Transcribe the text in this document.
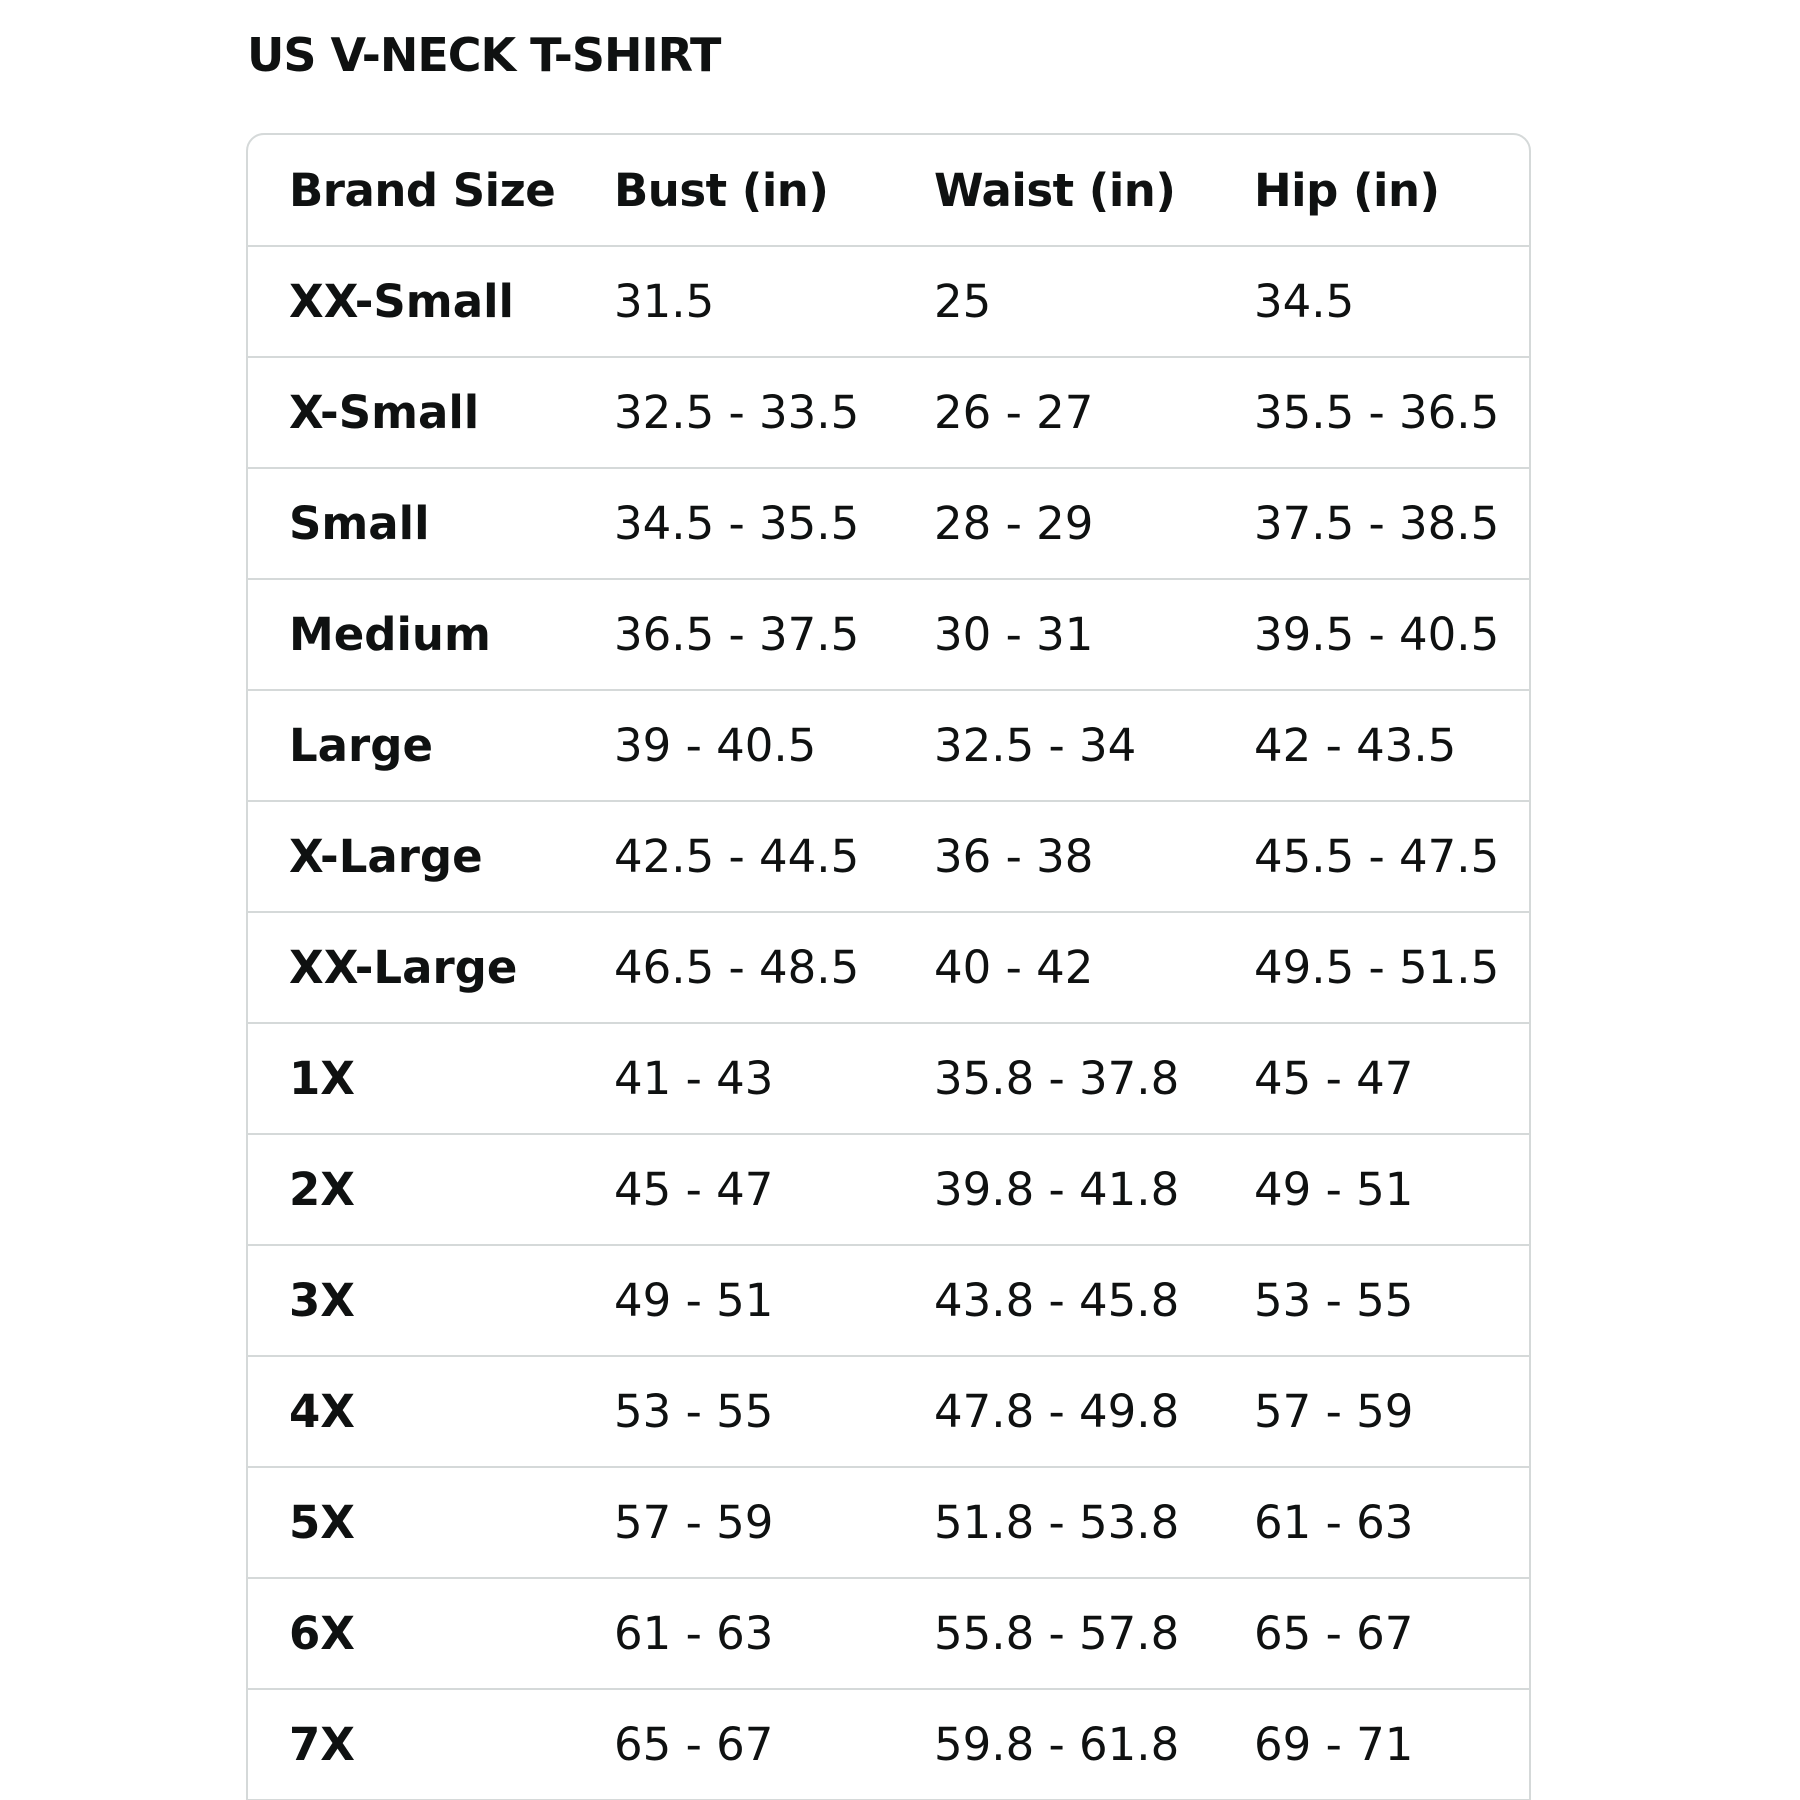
US V-NECK T-SHIRT
Brand Size	Bust (in)	Waist (in)	Hip (in)
XX-Small	31.5	25	34.5
X-Small	32.5 - 33.5	26 - 27	35.5 - 36.5
Small	34.5 - 35.5	28 - 29	37.5 - 38.5
Medium	36.5 - 37.5	30 - 31	39.5 - 40.5
Large	39 - 40.5	32.5 - 34	42 - 43.5
X-Large	42.5 - 44.5	36 - 38	45.5 - 47.5
XX-Large	46.5 - 48.5	40 - 42	49.5 - 51.5
1X	41 - 43	35.8 - 37.8	45 - 47
2X	45 - 47	39.8 - 41.8	49 - 51
3X	49 - 51	43.8 - 45.8	53 - 55
4X	53 - 55	47.8 - 49.8	57 - 59
5X	57 - 59	51.8 - 53.8	61 - 63
6X	61 - 63	55.8 - 57.8	65 - 67
7X	65 - 67	59.8 - 61.8	69 - 71
